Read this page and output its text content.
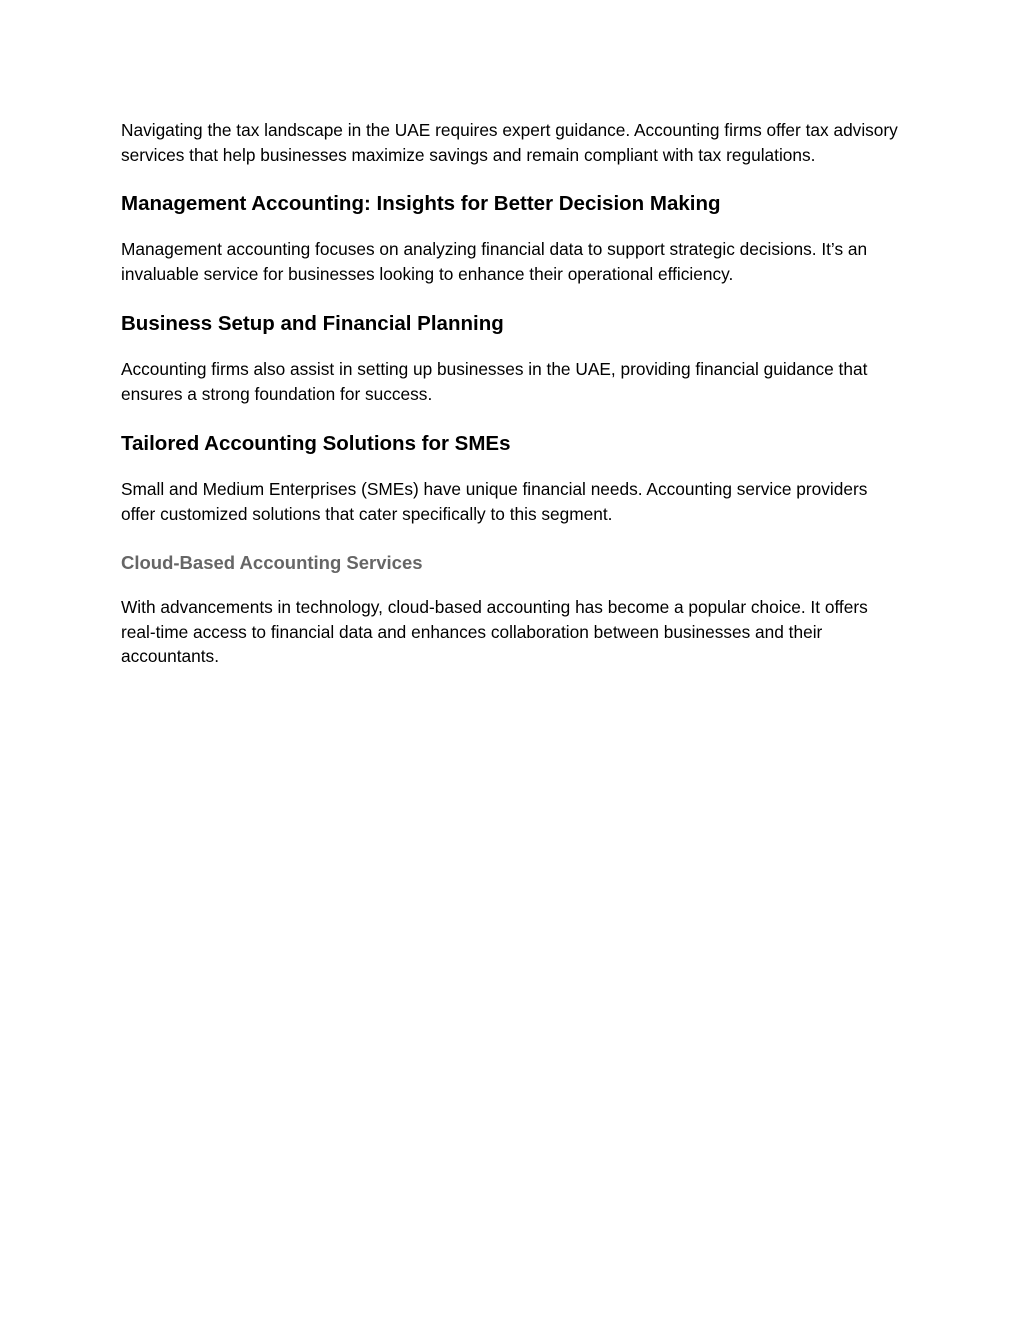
Navigating the tax landscape in the UAE requires expert guidance. Accounting firms offer tax advisory services that help businesses maximize savings and remain compliant with tax regulations.

Management Accounting: Insights for Better Decision Making

Management accounting focuses on analyzing financial data to support strategic decisions. It’s an invaluable service for businesses looking to enhance their operational efficiency.

Business Setup and Financial Planning

Accounting firms also assist in setting up businesses in the UAE, providing financial guidance that ensures a strong foundation for success.

Tailored Accounting Solutions for SMEs

Small and Medium Enterprises (SMEs) have unique financial needs. Accounting service providers offer customized solutions that cater specifically to this segment.

Cloud-Based Accounting Services

With advancements in technology, cloud-based accounting has become a popular choice. It offers real-time access to financial data and enhances collaboration between businesses and their accountants.
